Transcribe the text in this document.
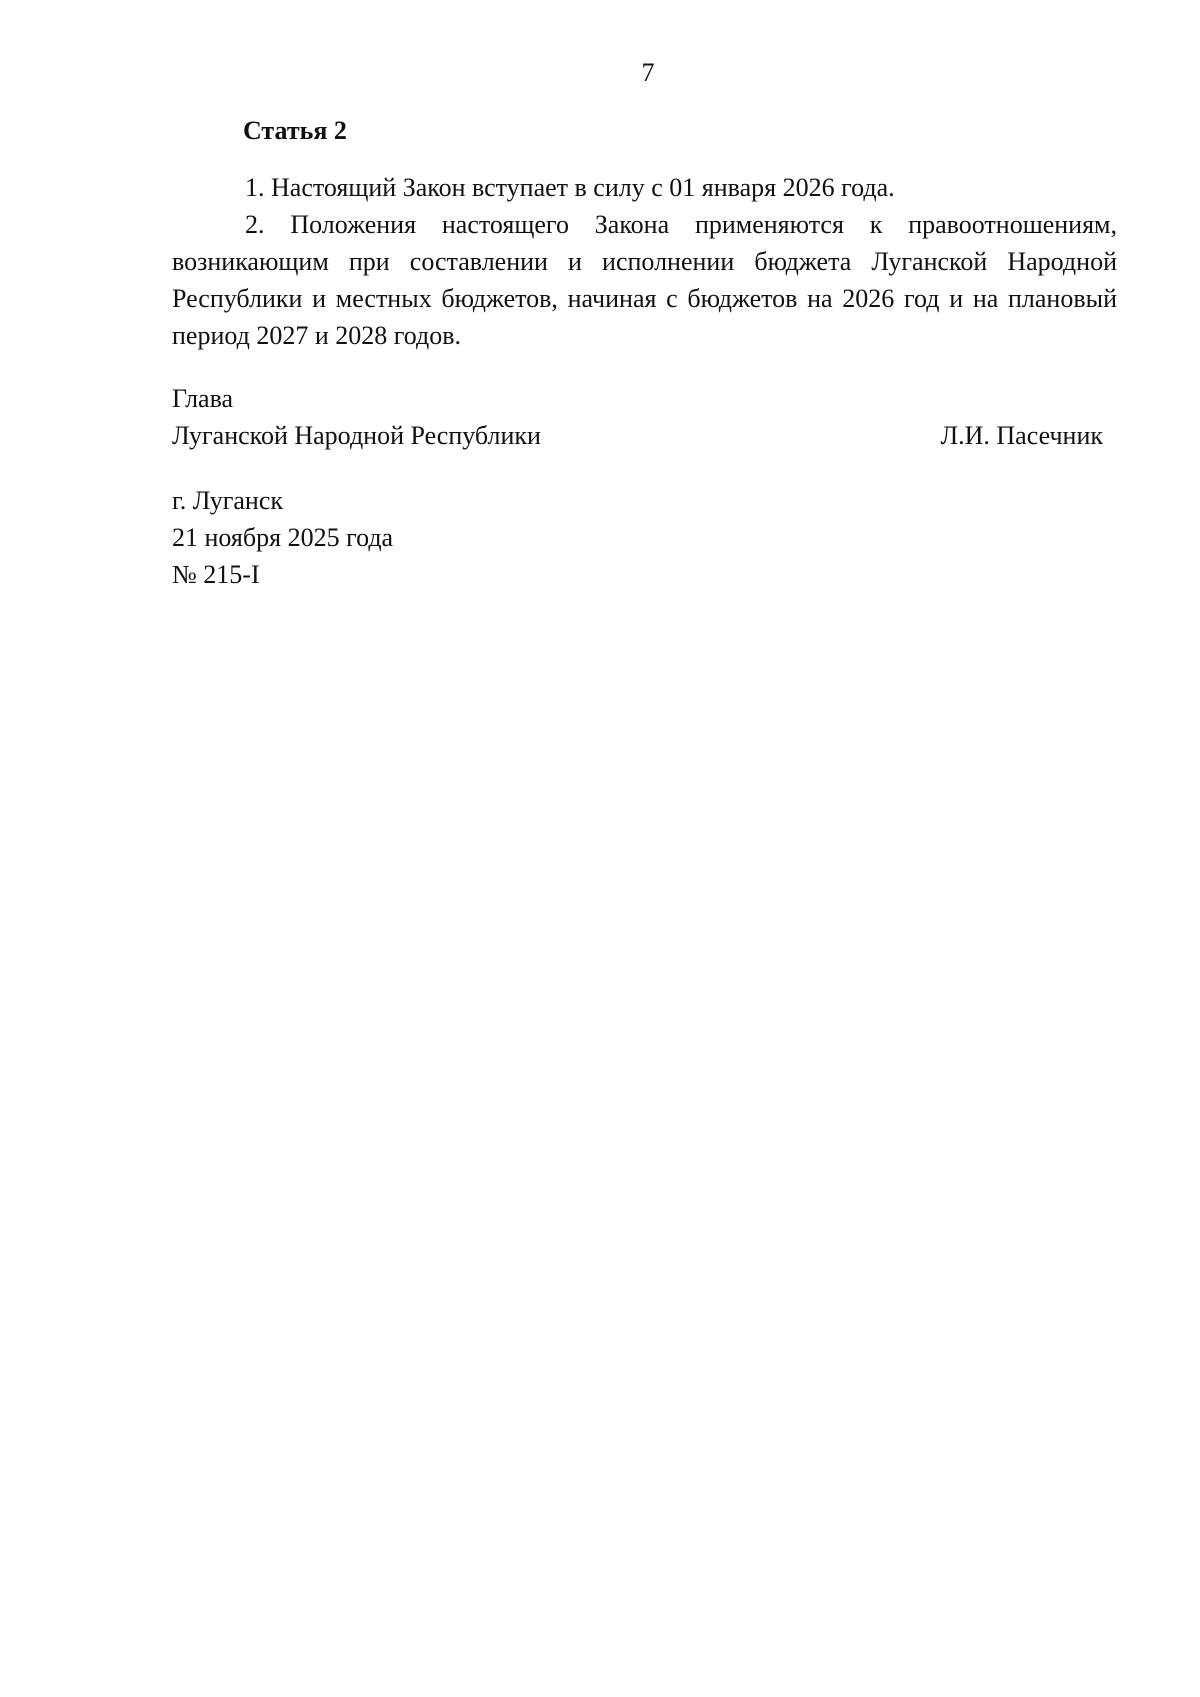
7
Статья 2

1. Настоящий Закон вступает в силу с 01 января 2026 года.

2. Положения настоящего Закона применяются к правоотношениям, возникающим при составлении и исполнении бюджета Луганской Народной Республики и местных бюджетов, начиная с бюджетов на 2026 год и на плановый период 2027 и 2028 годов.

Глава
Луганской Народной Республики	Л.И. Пасечник
г. Луганск
21 ноября 2025 года
№ 215-I
